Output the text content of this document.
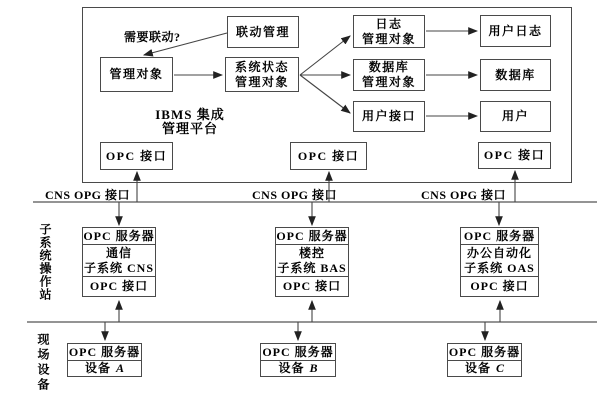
联动管理
管理对象
系统状态
管理对象
日志
管理对象
数据库
管理对象
用户接口
用户日志
数据库
用户
OPC 接口	OPC 接口	OPC 接口
需要联动?
IBMS 集成
管理平台
CNS OPG 接口	CNS OPG 接口	CNS OPG 接口
子系统操作站	OPC 服务器
通信
子系统 CNS
OPC 接口
OPC 服务器
楼控
子系统 BAS
OPC 接口
OPC 服务器
办公自动化
子系统 OAS
OPC 接口
现场设备 OPC 服务器
设备 A
OPC 服务器
设备 B
OPC 服务器
设备 C
